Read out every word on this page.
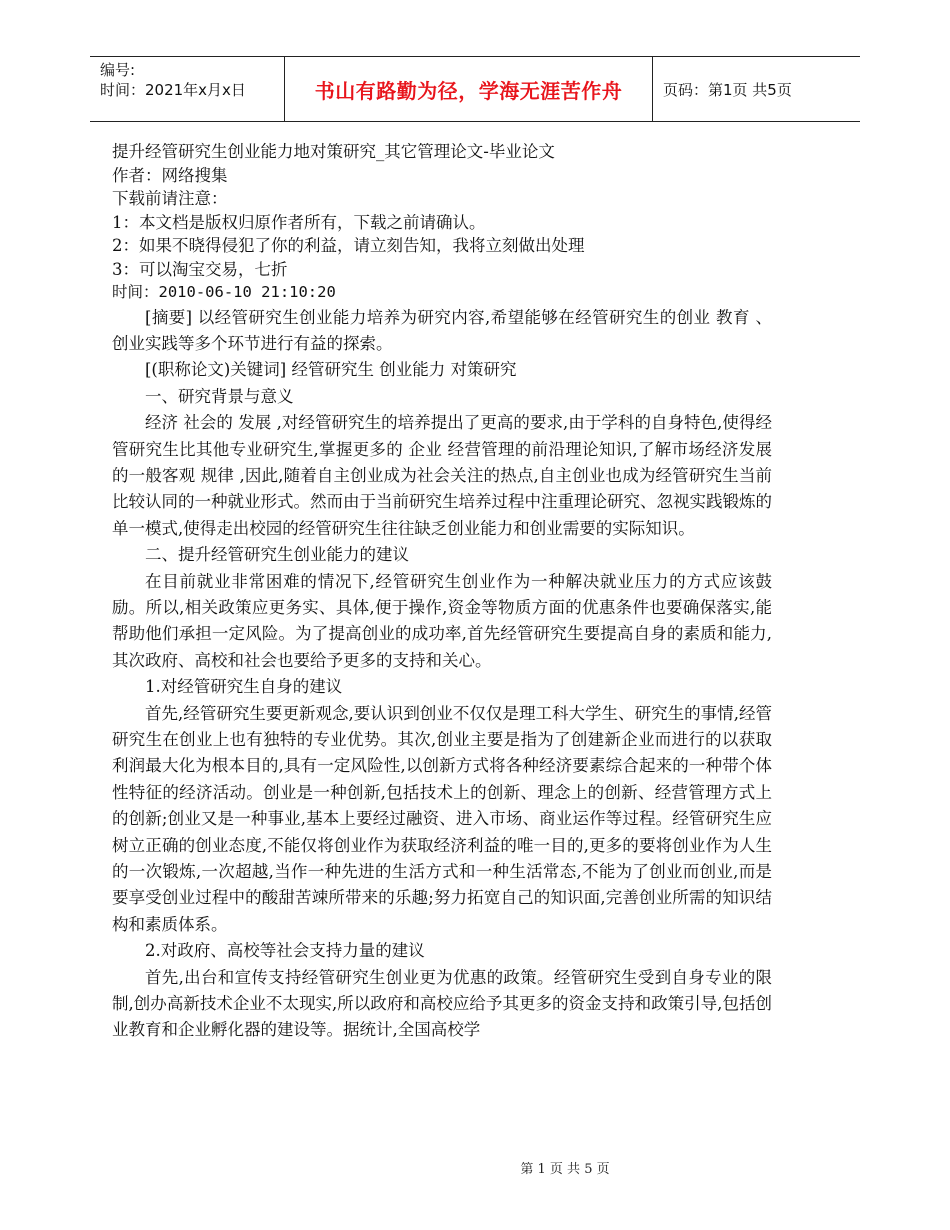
编号:
时间：2021年x月x日	书山有路勤为径，学海无涯苦作舟	页码：第1页 共5页

提升经管研究生创业能力地对策研究_其它管理论文-毕业论文

作者：网络搜集

下载前请注意：

1：本文档是版权归原作者所有，下载之前请确认。

2：如果不晓得侵犯了你的利益，请立刻告知，我将立刻做出处理

3：可以淘宝交易，七折

时间：2010-06-10 21:10:20

[摘要] 以经管研究生创业能力培养为研究内容,希望能够在经管研究生的创业 教育 、创业实践等多个环节进行有益的探索。

[(职称论文)关键词] 经管研究生 创业能力 对策研究

一、研究背景与意义

经济 社会的 发展 ,对经管研究生的培养提出了更高的要求,由于学科的自身特色,使得经管研究生比其他专业研究生,掌握更多的 企业 经营管理的前沿理论知识,了解市场经济发展的一般客观 规律 ,因此,随着自主创业成为社会关注的热点,自主创业也成为经管研究生当前比较认同的一种就业形式。然而由于当前研究生培养过程中注重理论研究、忽视实践锻炼的单一模式,使得走出校园的经管研究生往往缺乏创业能力和创业需要的实际知识。

二、提升经管研究生创业能力的建议

在目前就业非常困难的情况下,经管研究生创业作为一种解决就业压力的方式应该鼓励。所以,相关政策应更务实、具体,便于操作,资金等物质方面的优惠条件也要确保落实,能帮助他们承担一定风险。为了提高创业的成功率,首先经管研究生要提高自身的素质和能力,其次政府、高校和社会也要给予更多的支持和关心。

1.对经管研究生自身的建议

首先,经管研究生要更新观念,要认识到创业不仅仅是理工科大学生、研究生的事情,经管研究生在创业上也有独特的专业优势。其次,创业主要是指为了创建新企业而进行的以获取利润最大化为根本目的,具有一定风险性,以创新方式将各种经济要素综合起来的一种带个体性特征的经济活动。创业是一种创新,包括技术上的创新、理念上的创新、经营管理方式上的创新;创业又是一种事业,基本上要经过融资、进入市场、商业运作等过程。经管研究生应树立正确的创业态度,不能仅将创业作为获取经济利益的唯一目的,更多的要将创业作为人生的一次锻炼,一次超越,当作一种先进的生活方式和一种生活常态,不能为了创业而创业,而是要享受创业过程中的酸甜苦竦所带来的乐趣;努力拓宽自己的知识面,完善创业所需的知识结构和素质体系。

2.对政府、高校等社会支持力量的建议

首先,出台和宣传支持经管研究生创业更为优惠的政策。经管研究生受到自身专业的限制,创办高新技术企业不太现实,所以政府和高校应给予其更多的资金支持和政策引导,包括创业教育和企业孵化器的建设等。据统计,全国高校学

第 1 页 共 5 页
